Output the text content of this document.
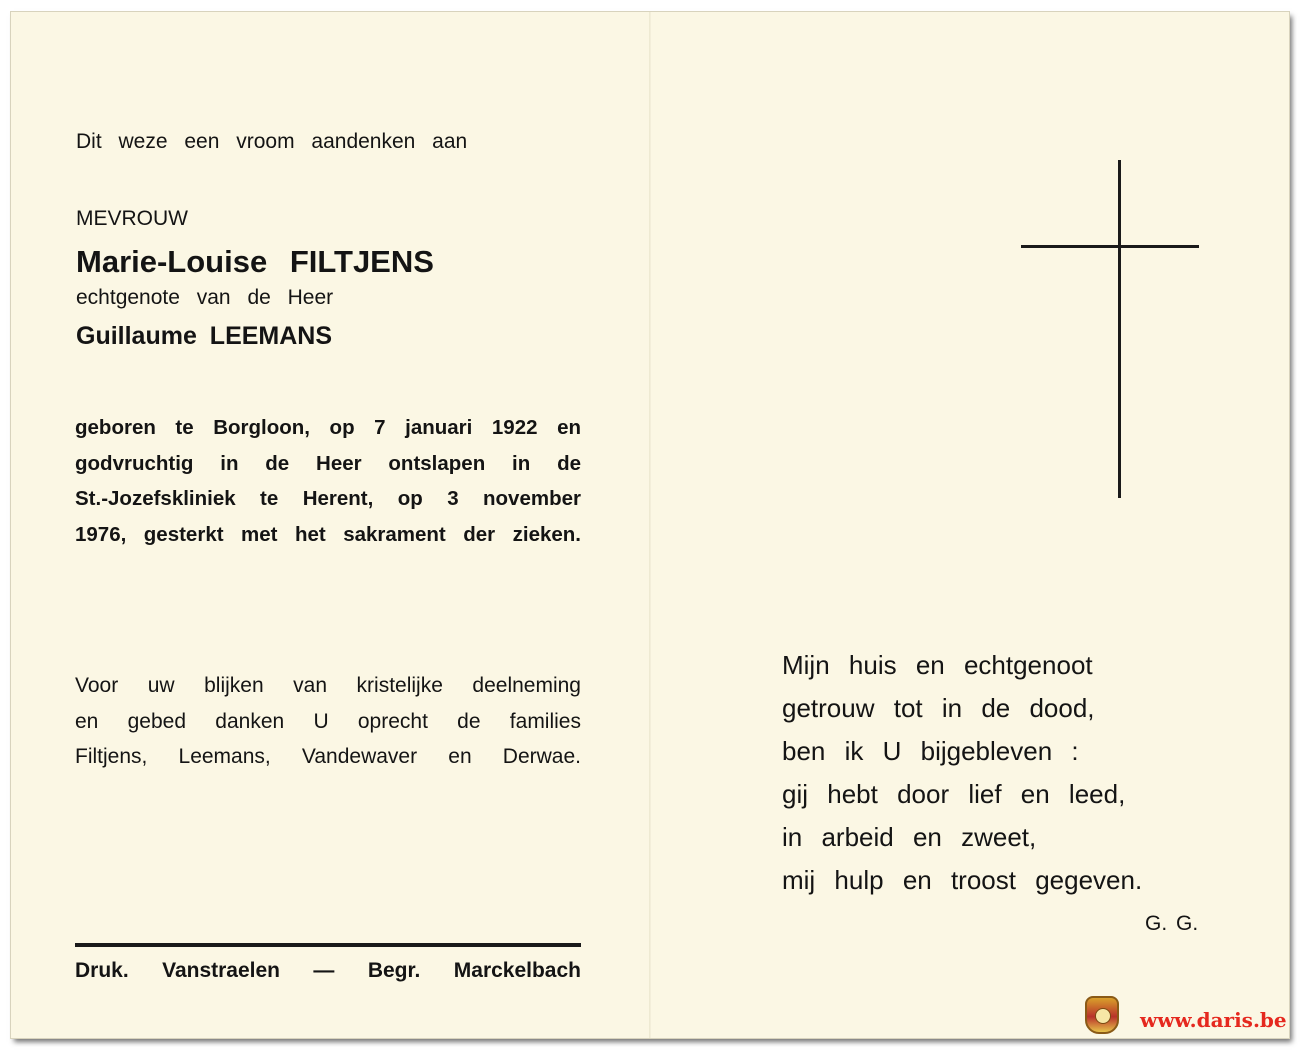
Dit weze een vroom aandenken aan
MEVROUW
Marie-Louise FILTJENS
echtgenote van de Heer
Guillaume LEEMANS
geboren te Borgloon, op 7 januari 1922 en
godvruchtig in de Heer ontslapen in de
St.-Jozefskliniek te Herent, op 3 november
1976, gesterkt met het sakrament der zieken.
Voor uw blijken van kristelijke deelneming
en gebed danken U oprecht de families
Filtjens, Leemans, Vandewaver en Derwae.
Druk. Vanstraelen — Begr. Marckelbach
Mijn huis en echtgenoot
getrouw tot in de dood,
ben ik U bijgebleven :
gij hebt door lief en leed,
in arbeid en zweet,
mij hulp en troost gegeven.
G. G.
www.daris.be
